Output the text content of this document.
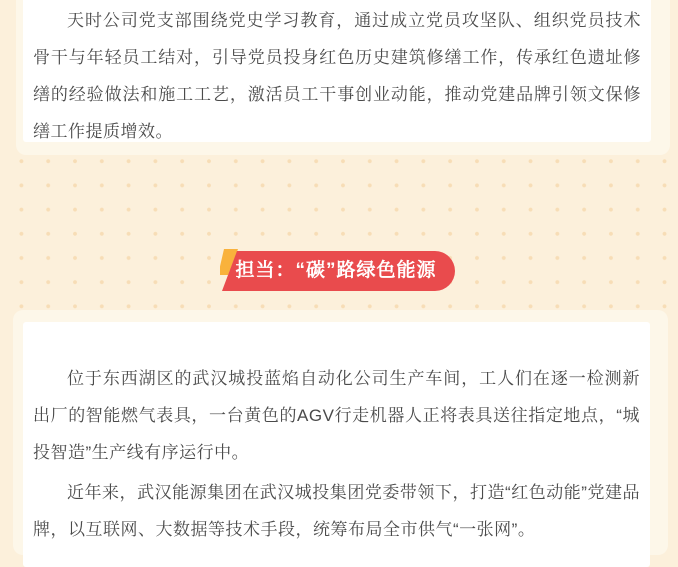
天时公司党支部围绕党史学习教育，通过成立党员攻坚队、组织党员技术骨干与年轻员工结对，引导党员投身红色历史建筑修缮工作，传承红色遗址修缮的经验做法和施工工艺，激活员工干事创业动能，推动党建品牌引领文保修缮工作提质增效。

担当：“碳”路绿色能源

位于东西湖区的武汉城投蓝焰自动化公司生产车间，工人们在逐一检测新出厂的智能燃气表具，一台黄色的AGV行走机器人正将表具送往指定地点，“城投智造”生产线有序运行中。

近年来，武汉能源集团在武汉城投集团党委带领下，打造“红色动能”党建品牌，以互联网、大数据等技术手段，统筹布局全市供气“一张网”。
